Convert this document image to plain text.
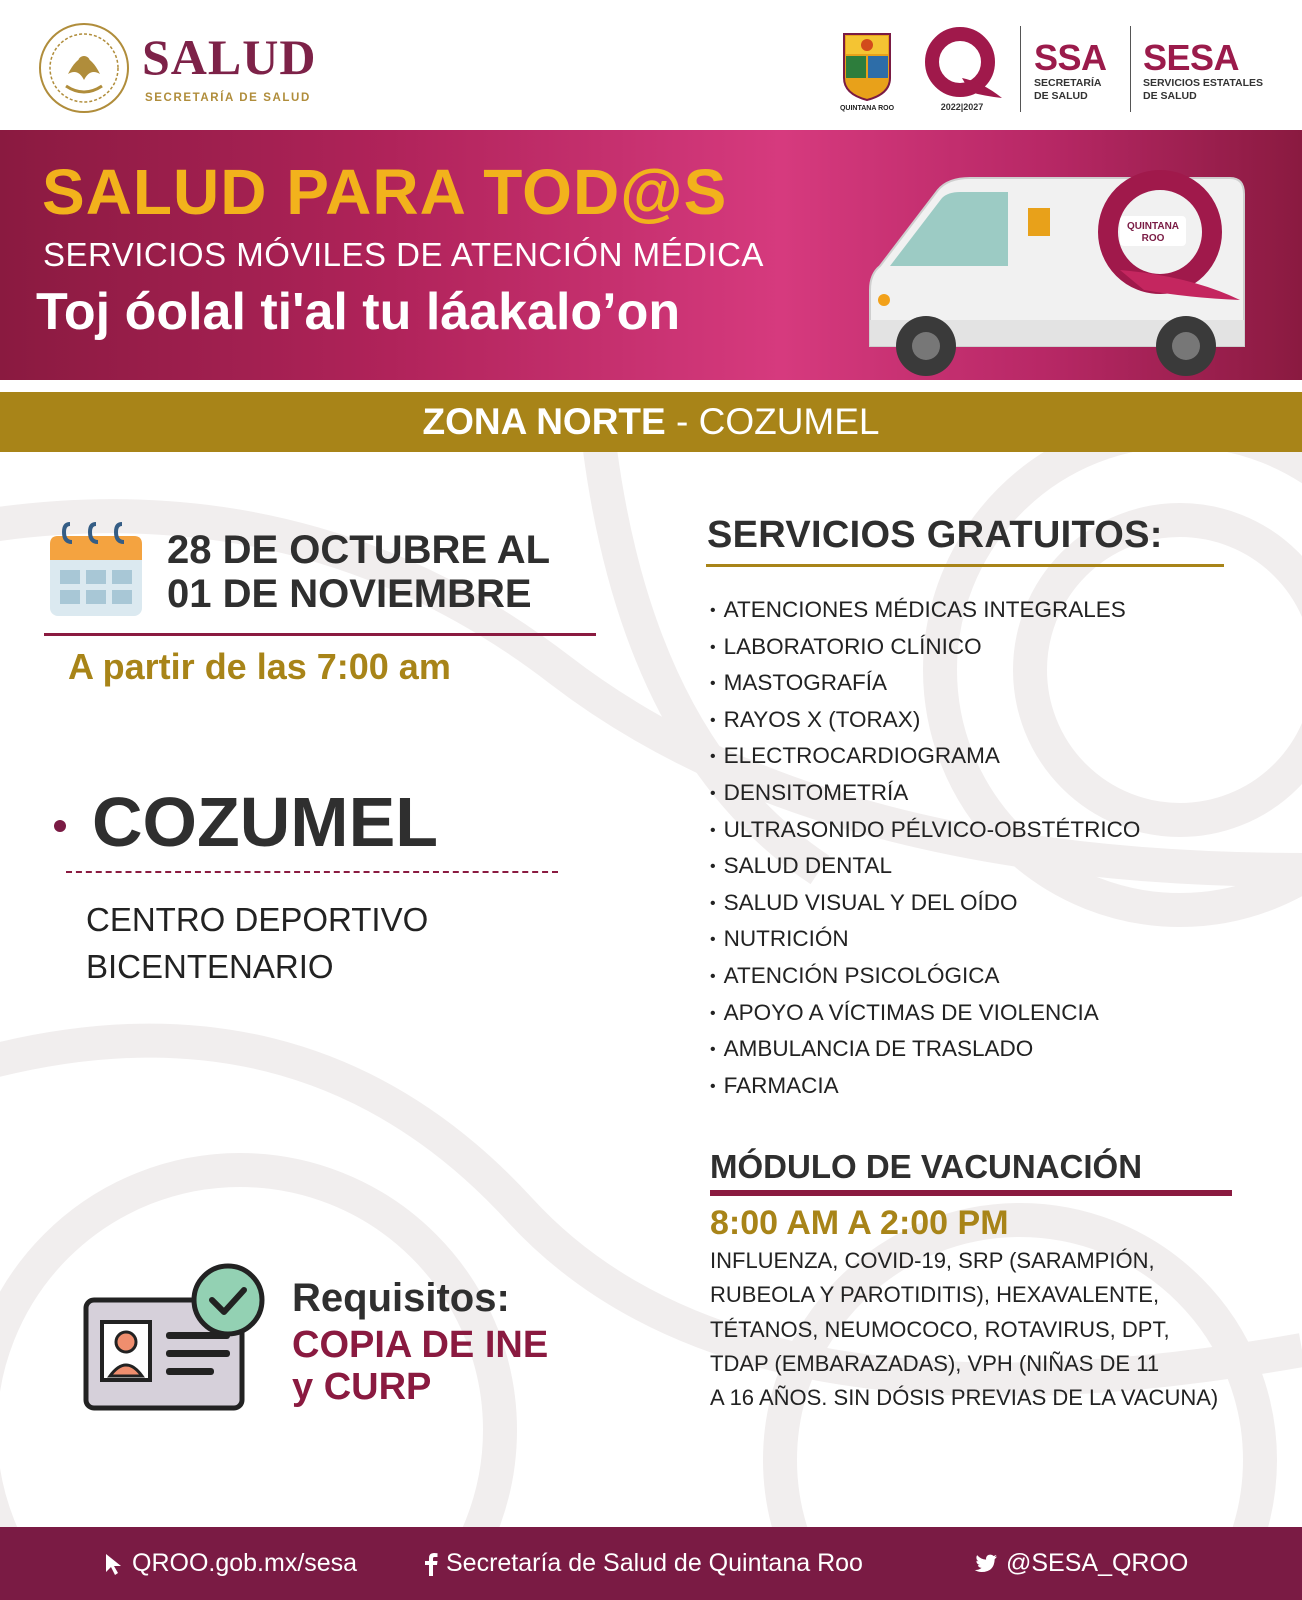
SALUD
SECRETARÍA DE SALUD
QUINTANA ROO	2022|2027
SSA
SECRETARÍA
DE SALUD
SESA
SERVICIOS ESTATALES
DE SALUD
SALUD PARA TOD@S
SERVICIOS MÓVILES DE ATENCIÓN MÉDICA
Toj óolal ti'al tu láakalo’on
QUINTANA
ROO
ZONA NORTE - COZUMEL
28 DE OCTUBRE AL
01 DE NOVIEMBRE
A partir de las 7:00 am
COZUMEL
CENTRO DEPORTIVO
BICENTENARIO
Requisitos:
COPIA DE INE
y CURP
SERVICIOS GRATUITOS:
• ATENCIONES MÉDICAS INTEGRALES
• LABORATORIO CLÍNICO
• MASTOGRAFÍA
• RAYOS X (TORAX)
• ELECTROCARDIOGRAMA
• DENSITOMETRÍA
• ULTRASONIDO PÉLVICO-OBSTÉTRICO
• SALUD DENTAL
• SALUD VISUAL Y DEL OÍDO
• NUTRICIÓN
• ATENCIÓN PSICOLÓGICA
• APOYO A VÍCTIMAS DE VIOLENCIA
• AMBULANCIA DE TRASLADO
• FARMACIA
MÓDULO DE VACUNACIÓN
8:00 AM A 2:00 PM
INFLUENZA, COVID-19, SRP (SARAMPIÓN,
RUBEOLA Y PAROTIDITIS), HEXAVALENTE,
TÉTANOS, NEUMOCOCO, ROTAVIRUS, DPT,
TDAP (EMBARAZADAS), VPH (NIÑAS DE 11
A 16 AÑOS. SIN DÓSIS PREVIAS DE LA VACUNA)
QROO.gob.mx/sesa	Secretaría de Salud de Quintana Roo	@SESA_QROO
